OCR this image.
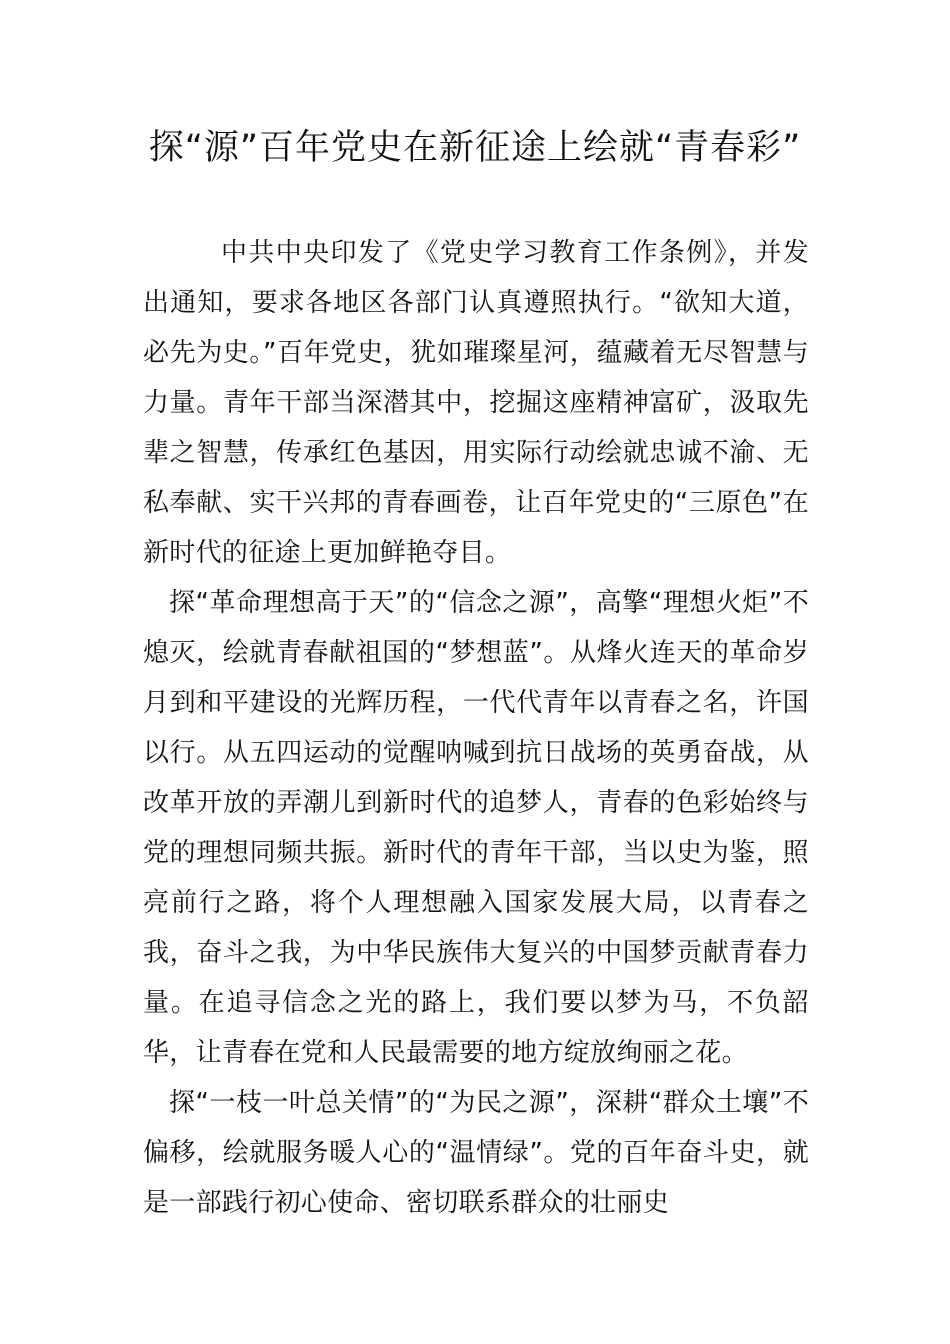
探“源”百年党史在新征途上绘就“青春彩”

中共中央印发了《党史学习教育工作条例》，并发出通知，要求各地区各部门认真遵照执行。“欲知大道，必先为史。”百年党史，犹如璀璨星河，蕴藏着无尽智慧与力量。青年干部当深潜其中，挖掘这座精神富矿，汲取先辈之智慧，传承红色基因，用实际行动绘就忠诚不渝、无私奉献、实干兴邦的青春画卷，让百年党史的“三原色”在新时代的征途上更加鲜艳夺目。

探“革命理想高于天”的“信念之源”，高擎“理想火炬”不熄灭，绘就青春献祖国的“梦想蓝”。从烽火连天的革命岁月到和平建设的光辉历程，一代代青年以青春之名，许国以行。从五四运动的觉醒呐喊到抗日战场的英勇奋战，从改革开放的弄潮儿到新时代的追梦人，青春的色彩始终与党的理想同频共振。新时代的青年干部，当以史为鉴，照亮前行之路，将个人理想融入国家发展大局，以青春之我，奋斗之我，为中华民族伟大复兴的中国梦贡献青春力量。在追寻信念之光的路上，我们要以梦为马，不负韶华，让青春在党和人民最需要的地方绽放绚丽之花。

探“一枝一叶总关情”的“为民之源”，深耕“群众土壤”不偏移，绘就服务暖人心的“温情绿”。党的百年奋斗史，就是一部践行初心使命、密切联系群众的壮丽史
